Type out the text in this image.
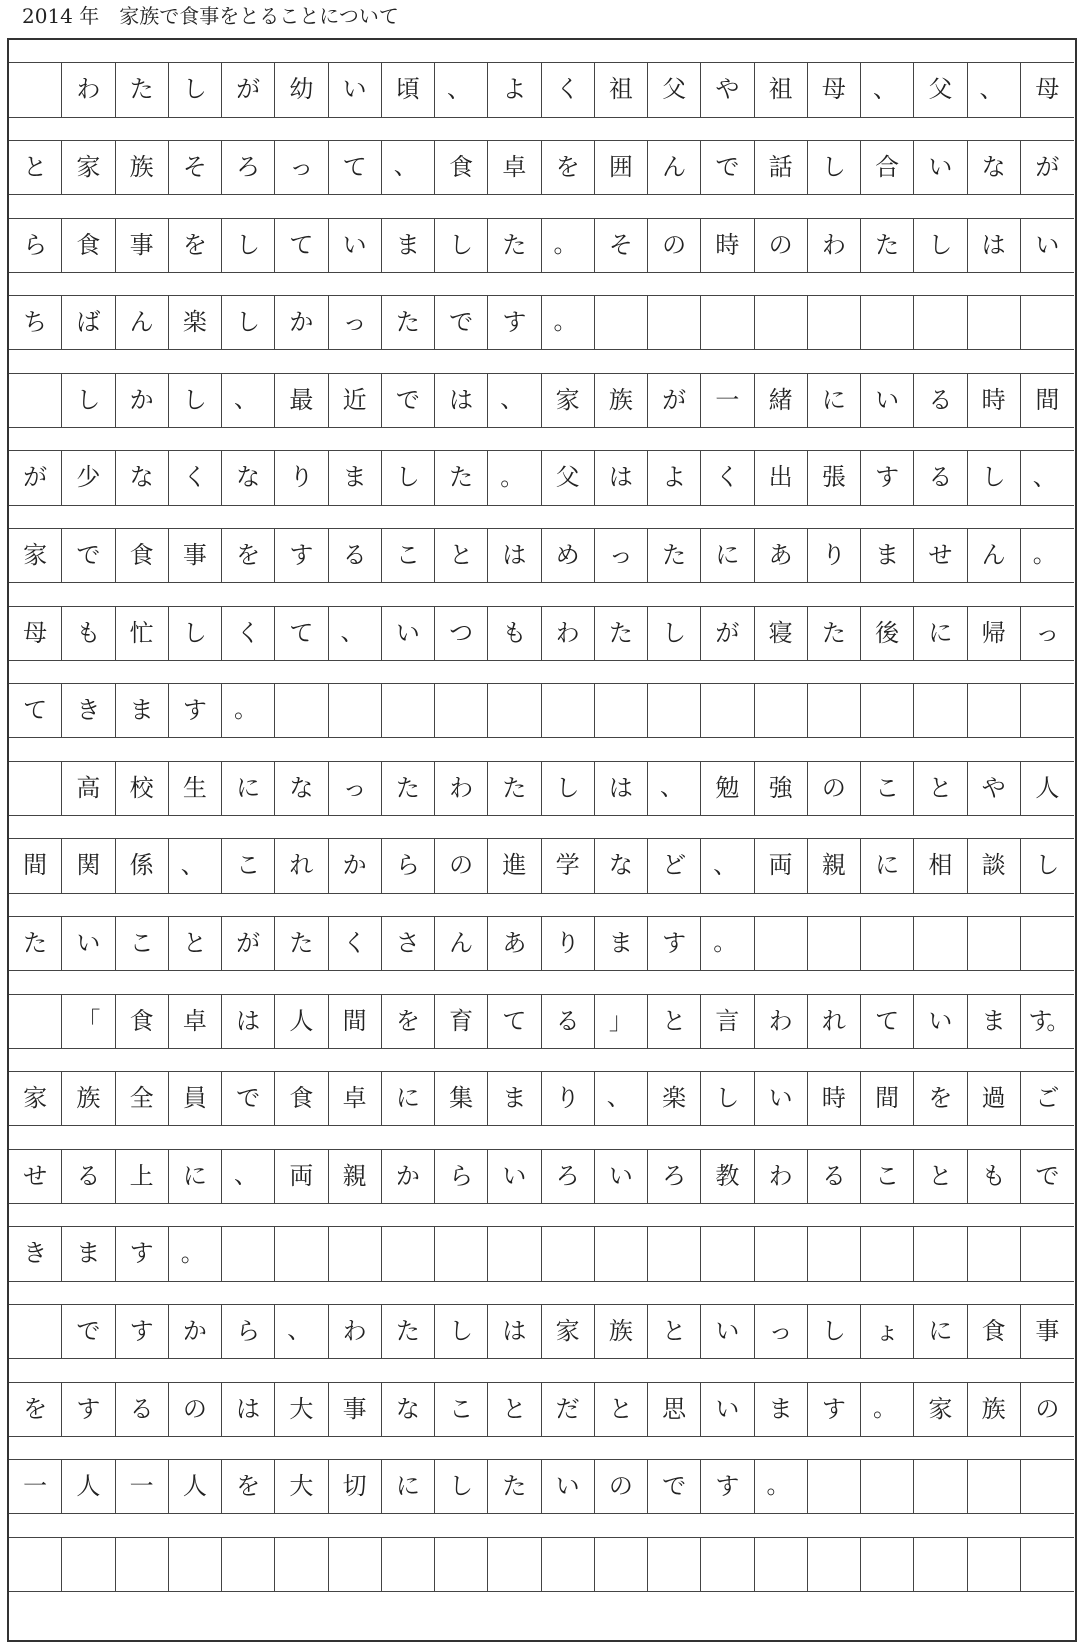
2014 年　家族で食事をとることについて
わ	た	し	が	幼	い	頃	、	よ	く	祖	父	や	祖	母	、	父	、	母
と	家	族	そ	ろ	っ	て	、	食	卓	を	囲	ん	で	話	し	合	い	な	が
ら	食	事	を	し	て	い	ま	し	た	。	そ	の	時	の	わ	た	し	は	い
ち	ば	ん	楽	し	か	っ	た	で	す	。
し	か	し	、	最	近	で	は	、	家	族	が	一	緒	に	い	る	時	間
が	少	な	く	な	り	ま	し	た	。	父	は	よ	く	出	張	す	る	し	、
家	で	食	事	を	す	る	こ	と	は	め	っ	た	に	あ	り	ま	せ	ん	。
母	も	忙	し	く	て	、	い	つ	も	わ	た	し	が	寝	た	後	に	帰	っ
て	き	ま	す	。
高	校	生	に	な	っ	た	わ	た	し	は	、	勉	強	の	こ	と	や	人
間	関	係	、	こ	れ	か	ら	の	進	学	な	ど	、	両	親	に	相	談	し
た	い	こ	と	が	た	く	さ	ん	あ	り	ま	す	。
「	食	卓	は	人	間	を	育	て	る	」	と	言	わ	れ	て	い	ま す。
家	族	全	員	で	食	卓	に	集	ま	り	、	楽	し	い	時	間	を	過	ご
せ	る	上	に	、	両	親	か	ら	い	ろ	い	ろ	教	わ	る	こ	と	も	で
き	ま	す	。
で	す	か	ら	、	わ	た	し	は	家	族	と	い	っ	し	ょ	に	食	事
を	す	る	の	は	大	事	な	こ	と	だ	と	思	い	ま	す	。	家	族	の
一	人	一	人	を	大	切	に	し	た	い	の	で	す	。
